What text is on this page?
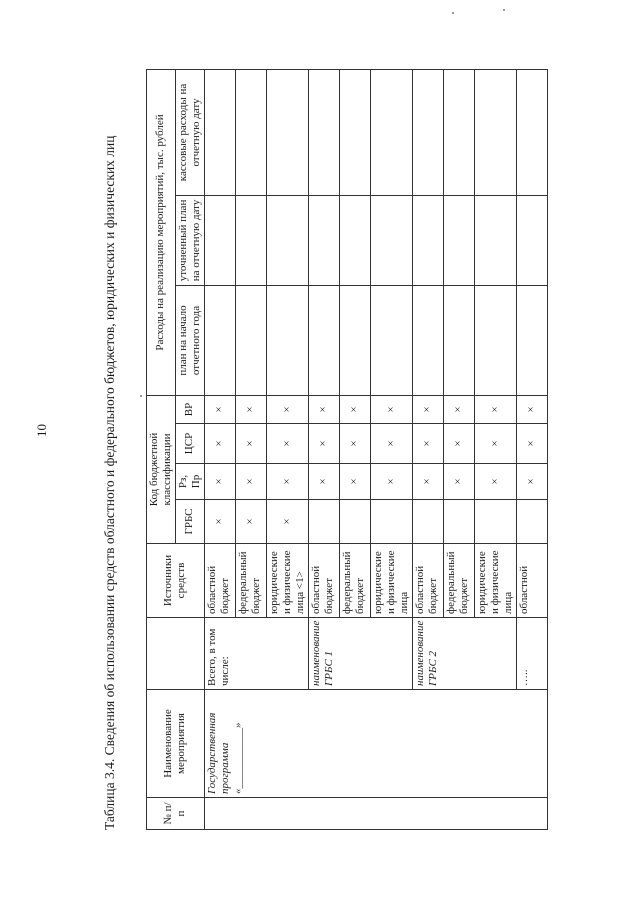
10	Таблица 3.4. Сведения об использовании средств областного и федерального бюджетов, юридических и физических лиц	№ п/п	Наименование мероприятия		Источники средств	Код бюджетной классификации				Расходы на реализацию мероприятий, тыс. рублей		
				ГРБС	Рз, Пр	ЦСР	ВР	план на начало отчетного года	уточненный план на отчетную дату	кассовые расходы на отчетную дату
	Государственная программа «___________»	Всего, в том числе:	областной бюджет	×	×	×	×			
			федеральный бюджет	×	×	×	×			
			юридические и физические лица <1>	×	×	×	×			
		наименование ГРБС 1	областной бюджет		×	×	×			
			федеральный бюджет		×	×	×			
			юридические и физические лица		×	×	×			
		наименование ГРБС 2	областной бюджет		×	×	×			
			федеральный бюджет		×	×	×			
			юридические и физические лица		×	×	×			
		…..	областной		×	×	×			
